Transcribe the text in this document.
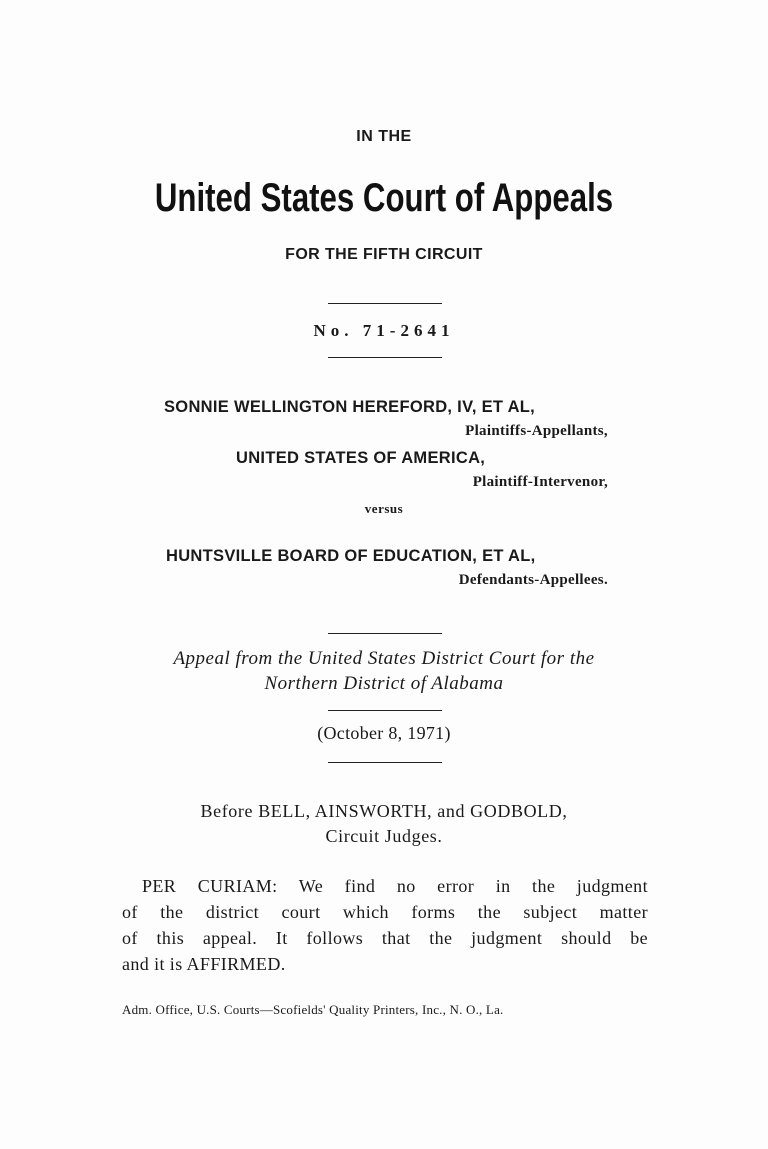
IN THE
United States Court of Appeals
FOR THE FIFTH CIRCUIT
No. 71-2641
SONNIE WELLINGTON HEREFORD, IV, ET AL,
Plaintiffs-Appellants,
UNITED STATES OF AMERICA,
Plaintiff-Intervenor,
versus
HUNTSVILLE BOARD OF EDUCATION, ET AL,
Defendants-Appellees.
Appeal from the United States District Court for the
Northern District of Alabama
(October 8, 1971)
Before BELL, AINSWORTH, and GODBOLD,
Circuit Judges.
PER CURIAM: We find no error in the judgment
of the district court which forms the subject matter
of this appeal. It follows that the judgment should be
and it is AFFIRMED.
Adm. Office, U.S. Courts—Scofields' Quality Printers, Inc., N. O., La.
